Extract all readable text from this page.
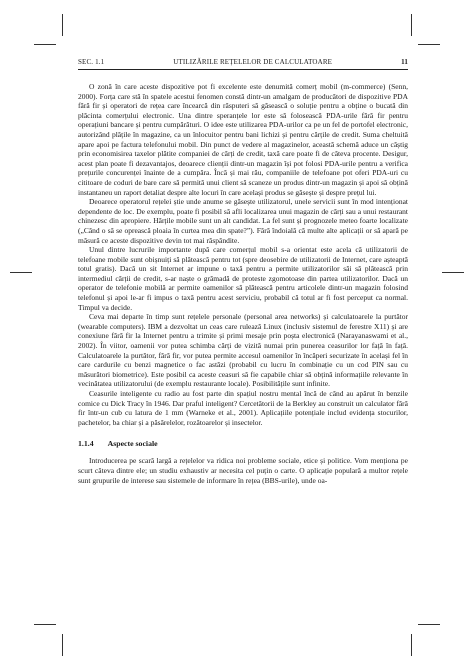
SEC. 1.1	UTILIZĂRILE REȚELELOR DE CALCULATOARE	11

O zonă în care aceste dispozitive pot fi excelente este denumită comerț mobil (m-commerce) (Senn, 2000). Forța care stă în spatele acestui fenomen constă dintr-un amalgam de producători de dispozitive PDA fără fir și operatori de rețea care încearcă din răsputeri să găsească o soluție pentru a obține o bucată din plăcinta comerțului electronic. Una dintre speranțele lor este să folosească PDA-urile fără fir pentru operațiuni bancare și pentru cumpărături. O idee este utilizarea PDA-urilor ca pe un fel de portofel electronic, autorizând plățile în magazine, ca un înlocuitor pentru bani lichizi și pentru cărțile de credit. Suma cheltuită apare apoi pe factura telefonului mobil. Din punct de vedere al magazinelor, această schemă aduce un câștig prin economisirea taxelor plătite companiei de cărți de credit, taxă care poate fi de câteva procente. Desigur, acest plan poate fi dezavantajos, deoarece clienții dintr-un magazin își pot folosi PDA-urile pentru a verifica prețurile concurenței înainte de a cumpăra. Încă și mai rău, companiile de telefoane pot oferi PDA-uri cu cititoare de coduri de bare care să permită unui client să scaneze un produs dintr-un magazin și apoi să obțină instantaneu un raport detaliat despre alte locuri în care același produs se găsește și despre prețul lui.

Deoarece operatorul rețelei știe unde anume se găsește utilizatorul, unele servicii sunt în mod intenționat dependente de loc. De exemplu, poate fi posibil să afli localizarea unui magazin de cărți sau a unui restaurant chinezesc din apropiere. Hărțile mobile sunt un alt candidat. La fel sunt și prognozele meteo foarte localizate („Când o să se oprească ploaia în curtea mea din spate?”). Fără îndoială că multe alte aplicații or să apară pe măsură ce aceste dispozitive devin tot mai răspândite.

Unul dintre lucrurile importante după care comerțul mobil s-a orientat este acela că utilizatorii de telefoane mobile sunt obișnuiți să plătească pentru tot (spre deosebire de utilizatorii de Internet, care așteaptă totul gratis). Dacă un sit Internet ar impune o taxă pentru a permite utilizatorilor săi să plătească prin intermediul cărții de credit, s-ar naște o grămadă de proteste zgomotoase din partea utilizatorilor. Dacă un operator de telefonie mobilă ar permite oamenilor să plătească pentru articolele dintr-un magazin folosind telefonul și apoi le-ar fi impus o taxă pentru acest serviciu, probabil că totul ar fi fost perceput ca normal. Timpul va decide.

Ceva mai departe în timp sunt rețelele personale (personal area networks) și calculatoarele la purtător (wearable computers). IBM a dezvoltat un ceas care rulează Linux (inclusiv sistemul de ferestre X11) și are conexiune fără fir la Internet pentru a trimite și primi mesaje prin poșta electronică (Narayanaswami et al., 2002). În viitor, oamenii vor putea schimba cărți de vizită numai prin punerea ceasurilor lor față în față. Calculatoarele la purtător, fără fir, vor putea permite accesul oamenilor în încăperi securizate în același fel în care cardurile cu benzi magnetice o fac astăzi (probabil cu lucru în combinație cu un cod PIN sau cu măsurători biometrice). Este posibil ca aceste ceasuri să fie capabile chiar să obțină informațiile relevante în vecinătatea utilizatorului (de exemplu restaurante locale). Posibilitățile sunt infinite.

Ceasurile inteligente cu radio au fost parte din spațiul nostru mental încă de când au apărut în benzile comice cu Dick Tracy în 1946. Dar praful inteligent? Cercetătorii de la Berkley au construit un calculator fără fir într-un cub cu latura de 1 mm (Warneke et al., 2001). Aplicațiile potențiale includ evidența stocurilor, pachetelor, ba chiar și a păsărelelor, rozătoarelor și insectelor.

1.1.4 Aspecte sociale

Introducerea pe scară largă a rețelelor va ridica noi probleme sociale, etice și politice. Vom menționa pe scurt câteva dintre ele; un studiu exhaustiv ar necesita cel puțin o carte. O aplicație populară a multor rețele sunt grupurile de interese sau sistemele de informare în rețea (BBS-urile), unde oa-
